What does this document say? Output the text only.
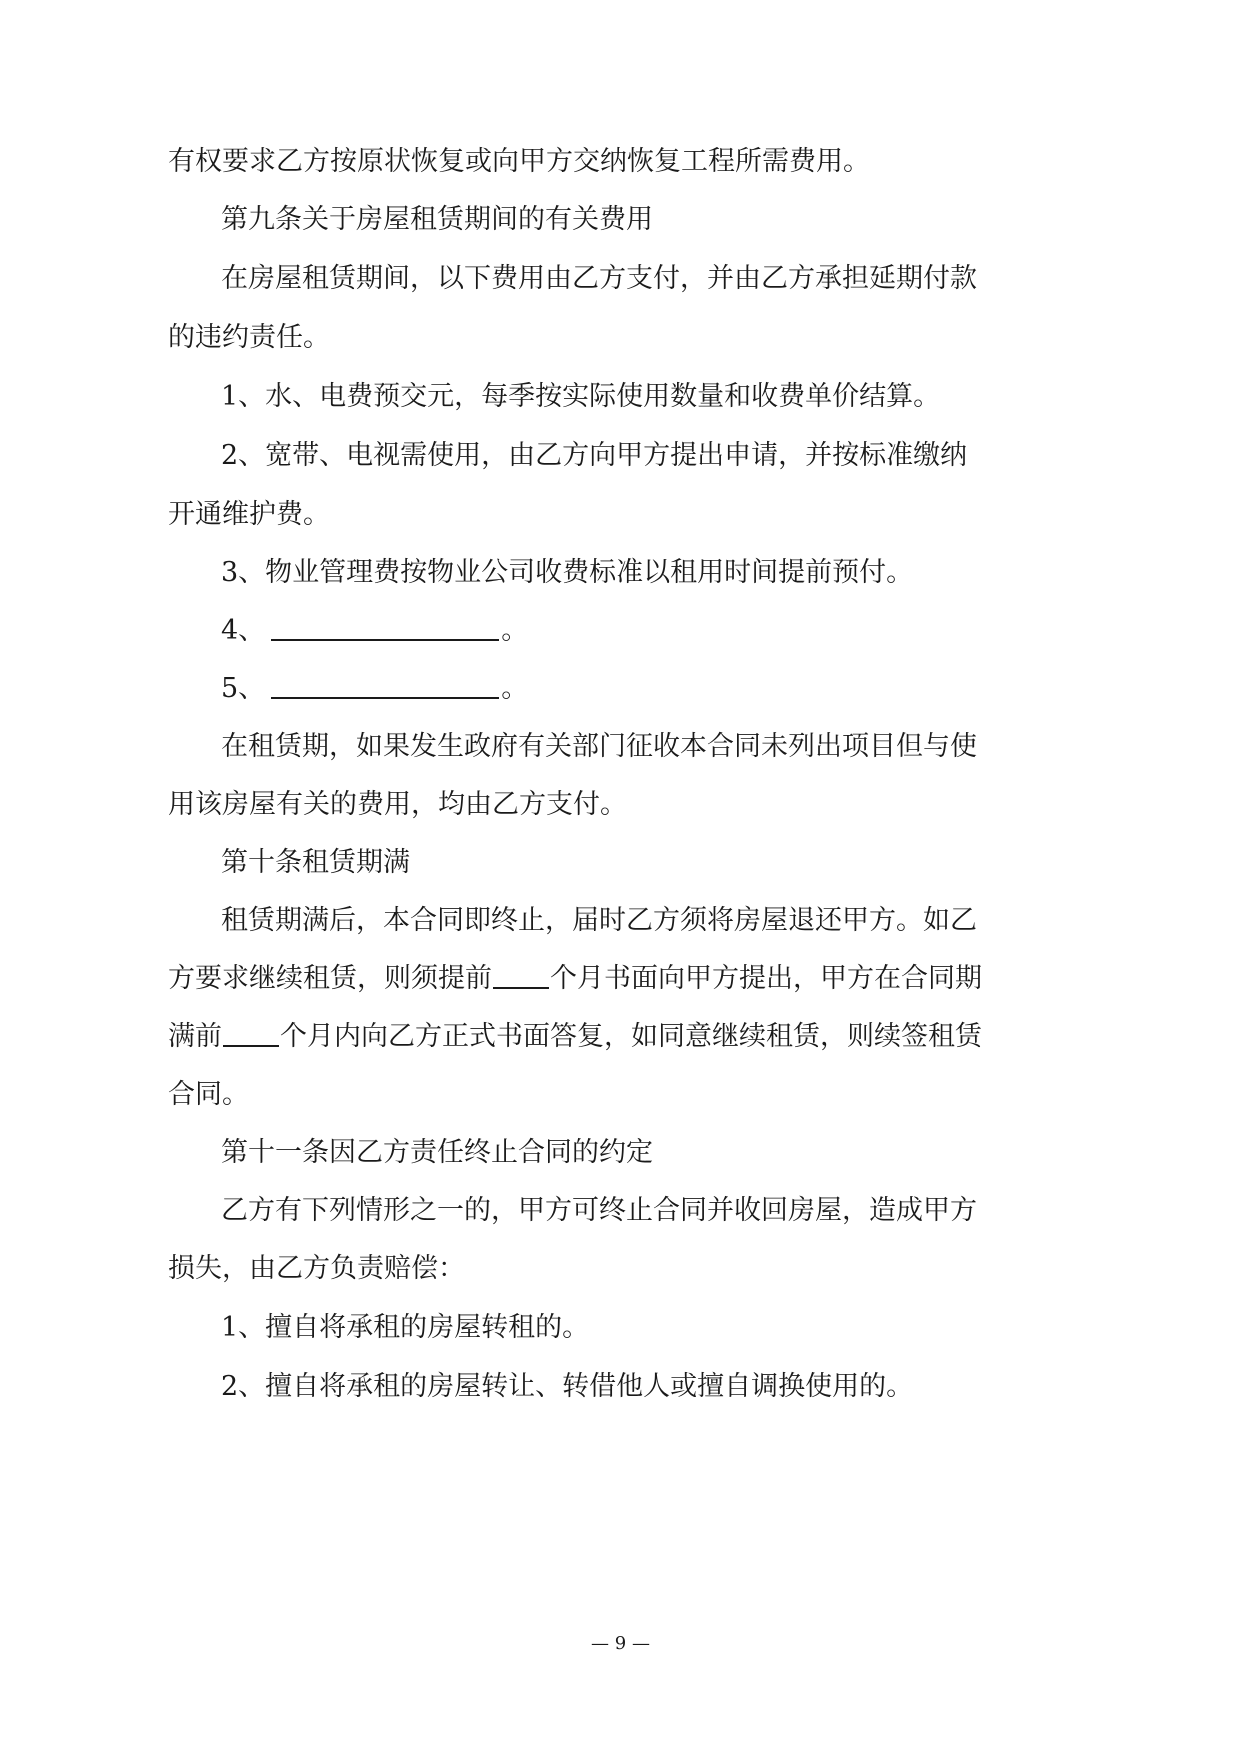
有权要求乙方按原状恢复或向甲方交纳恢复工程所需费用。
第九条关于房屋租赁期间的有关费用
在房屋租赁期间，以下费用由乙方支付，并由乙方承担延期付款
的违约责任。
1、水、电费预交元，每季按实际使用数量和收费单价结算。
2、宽带、电视需使用，由乙方向甲方提出申请，并按标准缴纳
开通维护费。
3、物业管理费按物业公司收费标准以租用时间提前预付。
4、	。
5、	。
在租赁期，如果发生政府有关部门征收本合同未列出项目但与使
用该房屋有关的费用，均由乙方支付。
第十条租赁期满
租赁期满后，本合同即终止，届时乙方须将房屋退还甲方。如乙
方要求继续租赁，则须提前 个月书面向甲方提出，甲方在合同期
满前 个月内向乙方正式书面答复，如同意继续租赁，则续签租赁
合同。
第十一条因乙方责任终止合同的约定
乙方有下列情形之一的，甲方可终止合同并收回房屋，造成甲方
损失，由乙方负责赔偿：
1、擅自将承租的房屋转租的。
2、擅自将承租的房屋转让、转借他人或擅自调换使用的。
— 9 —
